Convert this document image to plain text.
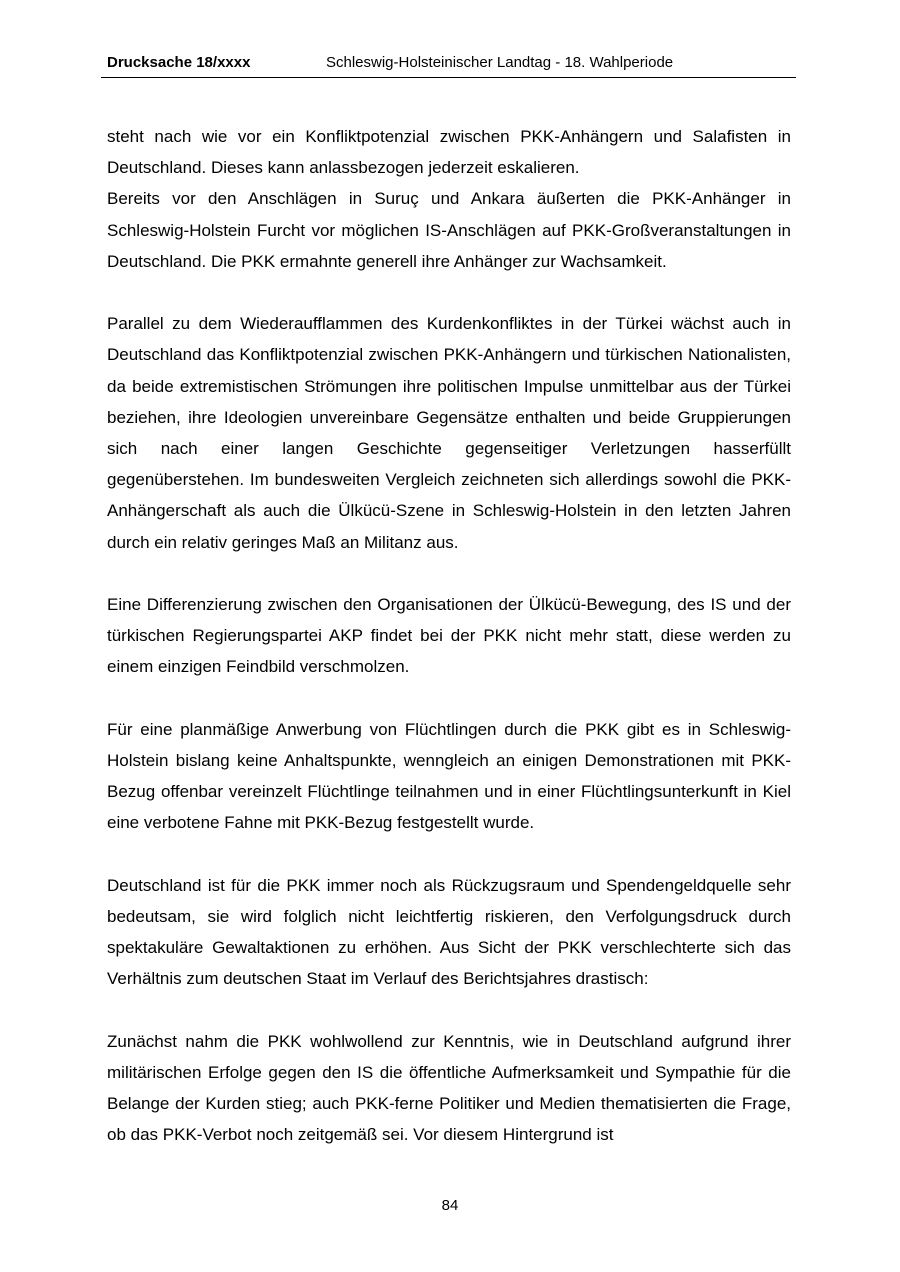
Drucksache 18/xxxx	Schleswig-Holsteinischer Landtag - 18. Wahlperiode

steht nach wie vor ein Konfliktpotenzial zwischen PKK-Anhängern und Salafisten in Deutschland. Dieses kann anlassbezogen jederzeit eskalieren.

Bereits vor den Anschlägen in Suruç und Ankara äußerten die PKK-Anhänger in Schleswig-Holstein Furcht vor möglichen IS-Anschlägen auf PKK-Großveranstaltungen in Deutschland. Die PKK ermahnte generell ihre Anhänger zur Wachsamkeit.

Parallel zu dem Wiederaufflammen des Kurdenkonfliktes in der Türkei wächst auch in Deutschland das Konfliktpotenzial zwischen PKK-Anhängern und türkischen Nationalisten, da beide extremistischen Strömungen ihre politischen Impulse unmittelbar aus der Türkei beziehen, ihre Ideologien unvereinbare Gegensätze enthalten und beide Gruppierungen sich nach einer langen Geschichte gegenseitiger Verletzungen hasserfüllt gegenüberstehen. Im bundesweiten Vergleich zeichneten sich allerdings sowohl die PKK-Anhängerschaft als auch die Ülkücü-Szene in Schleswig-Holstein in den letzten Jahren durch ein relativ geringes Maß an Militanz aus.

Eine Differenzierung zwischen den Organisationen der Ülkücü-Bewegung, des IS und der türkischen Regierungspartei AKP findet bei der PKK nicht mehr statt, diese werden zu einem einzigen Feindbild verschmolzen.

Für eine planmäßige Anwerbung von Flüchtlingen durch die PKK gibt es in Schleswig-Holstein bislang keine Anhaltspunkte, wenngleich an einigen Demonstrationen mit PKK-Bezug offenbar vereinzelt Flüchtlinge teilnahmen und in einer Flüchtlingsunterkunft in Kiel eine verbotene Fahne mit PKK-Bezug festgestellt wurde.

Deutschland ist für die PKK immer noch als Rückzugsraum und Spendengeldquelle sehr bedeutsam, sie wird folglich nicht leichtfertig riskieren, den Verfolgungsdruck durch spektakuläre Gewaltaktionen zu erhöhen. Aus Sicht der PKK verschlechterte sich das Verhältnis zum deutschen Staat im Verlauf des Berichtsjahres drastisch:

Zunächst nahm die PKK wohlwollend zur Kenntnis, wie in Deutschland aufgrund ihrer militärischen Erfolge gegen den IS die öffentliche Aufmerksamkeit und Sympathie für die Belange der Kurden stieg; auch PKK-ferne Politiker und Medien thematisierten die Frage, ob das PKK-Verbot noch zeitgemäß sei. Vor diesem Hintergrund ist

84
